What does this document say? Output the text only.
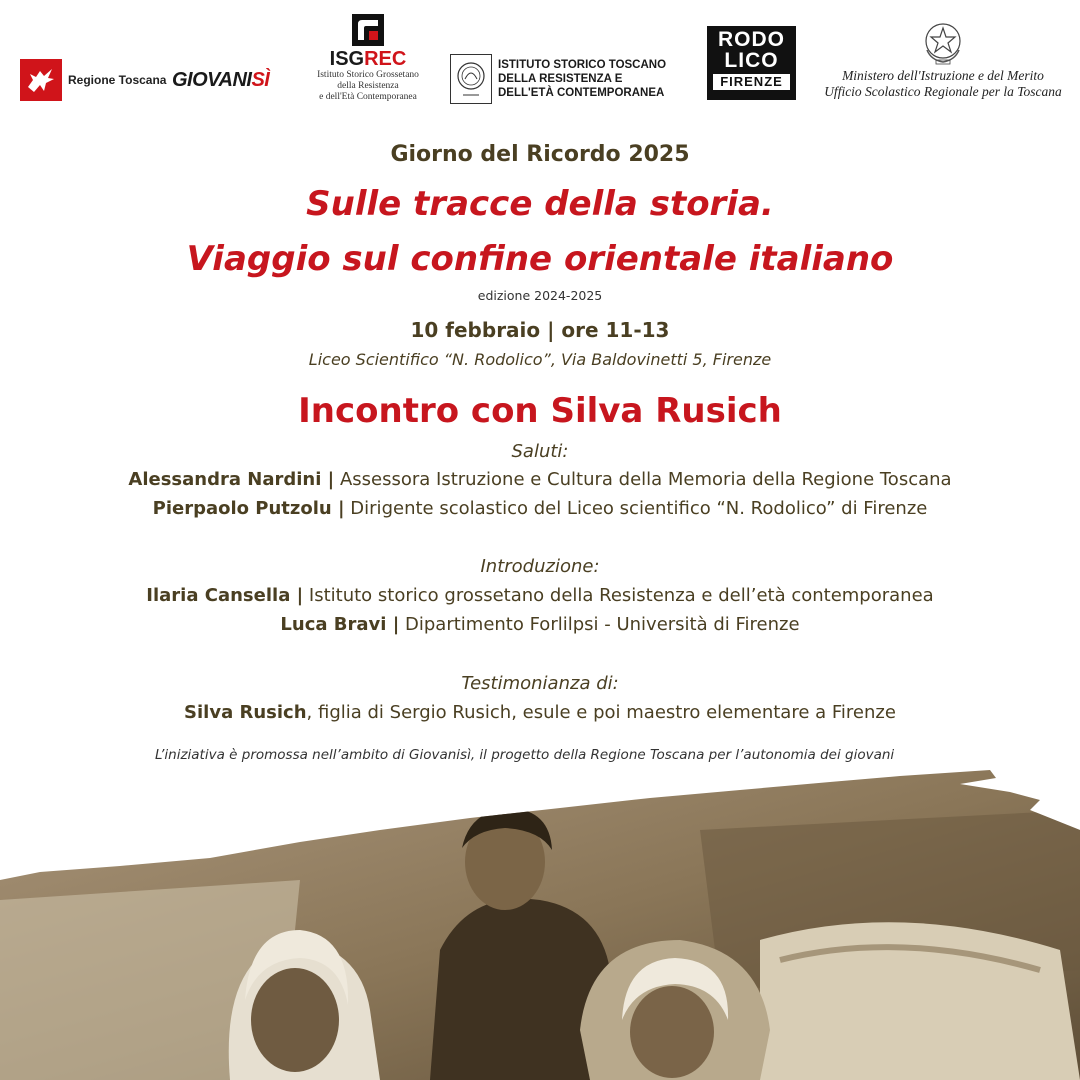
Regione Toscana GIOVANISÌ
ISGREC
Istituto Storico Grossetano
della Resistenza
e dell'Età Contemporanea
ISTITUTO STORICO TOSCANO
DELLA RESISTENZA E
DELL'ETÀ CONTEMPORANEA
RODO
LICO
FIRENZE	Ministero dell'Istruzione e del Merito
Ufficio Scolastico Regionale per la Toscana
Giorno del Ricordo 2025
Sulle tracce della storia.
Viaggio sul confine orientale italiano
edizione 2024-2025
10 febbraio | ore 11-13
Liceo Scientifico “N. Rodolico”, Via Baldovinetti 5, Firenze
Incontro con Silva Rusich
Saluti:
Alessandra Nardini | Assessora Istruzione e Cultura della Memoria della Regione Toscana
Pierpaolo Putzolu | Dirigente scolastico del Liceo scientifico “N. Rodolico” di Firenze
Introduzione:
Ilaria Cansella | Istituto storico grossetano della Resistenza e dell’età contemporanea
Luca Bravi | Dipartimento Forlilpsi - Università di Firenze
Testimonianza di:
Silva Rusich, figlia di Sergio Rusich, esule e poi maestro elementare a Firenze
L’iniziativa è promossa nell’ambito di Giovanisì, il progetto della Regione Toscana per l’autonomia dei giovani
